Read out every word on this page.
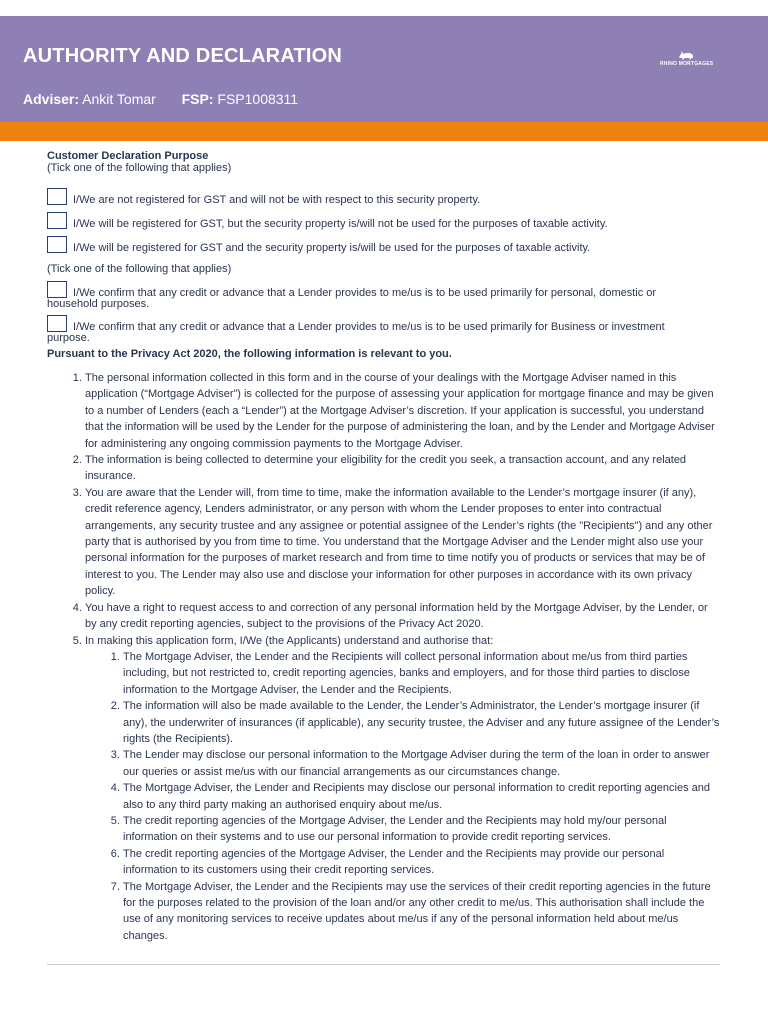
AUTHORITY AND DECLARATION
Adviser: Ankit Tomar FSP: FSP1008311
RHINO MORTGAGES
Customer Declaration Purpose
(Tick one of the following that applies)
I/We are not registered for GST and will not be with respect to this security property.
I/We will be registered for GST, but the security property is/will not be used for the purposes of taxable activity.
I/We will be registered for GST and the security property is/will be used for the purposes of taxable activity.
(Tick one of the following that applies)
I/We confirm that any credit or advance that a Lender provides to me/us is to be used primarily for personal, domestic or
household purposes.
I/We confirm that any credit or advance that a Lender provides to me/us is to be used primarily for Business or investment
purpose.
Pursuant to the Privacy Act 2020, the following information is relevant to you.
1. The personal information collected in this form and in the course of your dealings with the Mortgage Adviser named in this application (“Mortgage Adviser”) is collected for the purpose of assessing your application for mortgage finance and may be given to a number of Lenders (each a “Lender”) at the Mortgage Adviser’s discretion. If your application is successful, you understand that the information will be used by the Lender for the purpose of administering the loan, and by the Lender and Mortgage Adviser for administering any ongoing commission payments to the Mortgage Adviser.
2. The information is being collected to determine your eligibility for the credit you seek, a transaction account, and any related insurance.
3. You are aware that the Lender will, from time to time, make the information available to the Lender’s mortgage insurer (if any), credit reference agency, Lenders administrator, or any person with whom the Lender proposes to enter into contractual arrangements, any security trustee and any assignee or potential assignee of the Lender’s rights (the "Recipients") and any other party that is authorised by you from time to time. You understand that the Mortgage Adviser and the Lender might also use your personal information for the purposes of market research and from time to time notify you of products or services that may be of interest to you. The Lender may also use and disclose your information for other purposes in accordance with its own privacy policy.
4. You have a right to request access to and correction of any personal information held by the Mortgage Adviser, by the Lender, or by any credit reporting agencies, subject to the provisions of the Privacy Act 2020.
5. In making this application form, I/We (the Applicants) understand and authorise that:
1. The Mortgage Adviser, the Lender and the Recipients will collect personal information about me/us from third parties including, but not restricted to, credit reporting agencies, banks and employers, and for those third parties to disclose information to the Mortgage Adviser, the Lender and the Recipients.
2. The information will also be made available to the Lender, the Lender’s Administrator, the Lender’s mortgage insurer (if any), the underwriter of insurances (if applicable), any security trustee, the Adviser and any future assignee of the Lender’s rights (the Recipients).
3. The Lender may disclose our personal information to the Mortgage Adviser during the term of the loan in order to answer our queries or assist me/us with our financial arrangements as our circumstances change.
4. The Mortgage Adviser, the Lender and Recipients may disclose our personal information to credit reporting agencies and also to any third party making an authorised enquiry about me/us.
5. The credit reporting agencies of the Mortgage Adviser, the Lender and the Recipients may hold my/our personal information on their systems and to use our personal information to provide credit reporting services.
6. The credit reporting agencies of the Mortgage Adviser, the Lender and the Recipients may provide our personal information to its customers using their credit reporting services.
7. The Mortgage Adviser, the Lender and the Recipients may use the services of their credit reporting agencies in the future for the purposes related to the provision of the loan and/or any other credit to me/us. This authorisation shall include the use of any monitoring services to receive updates about me/us if any of the personal information held about me/us changes.
